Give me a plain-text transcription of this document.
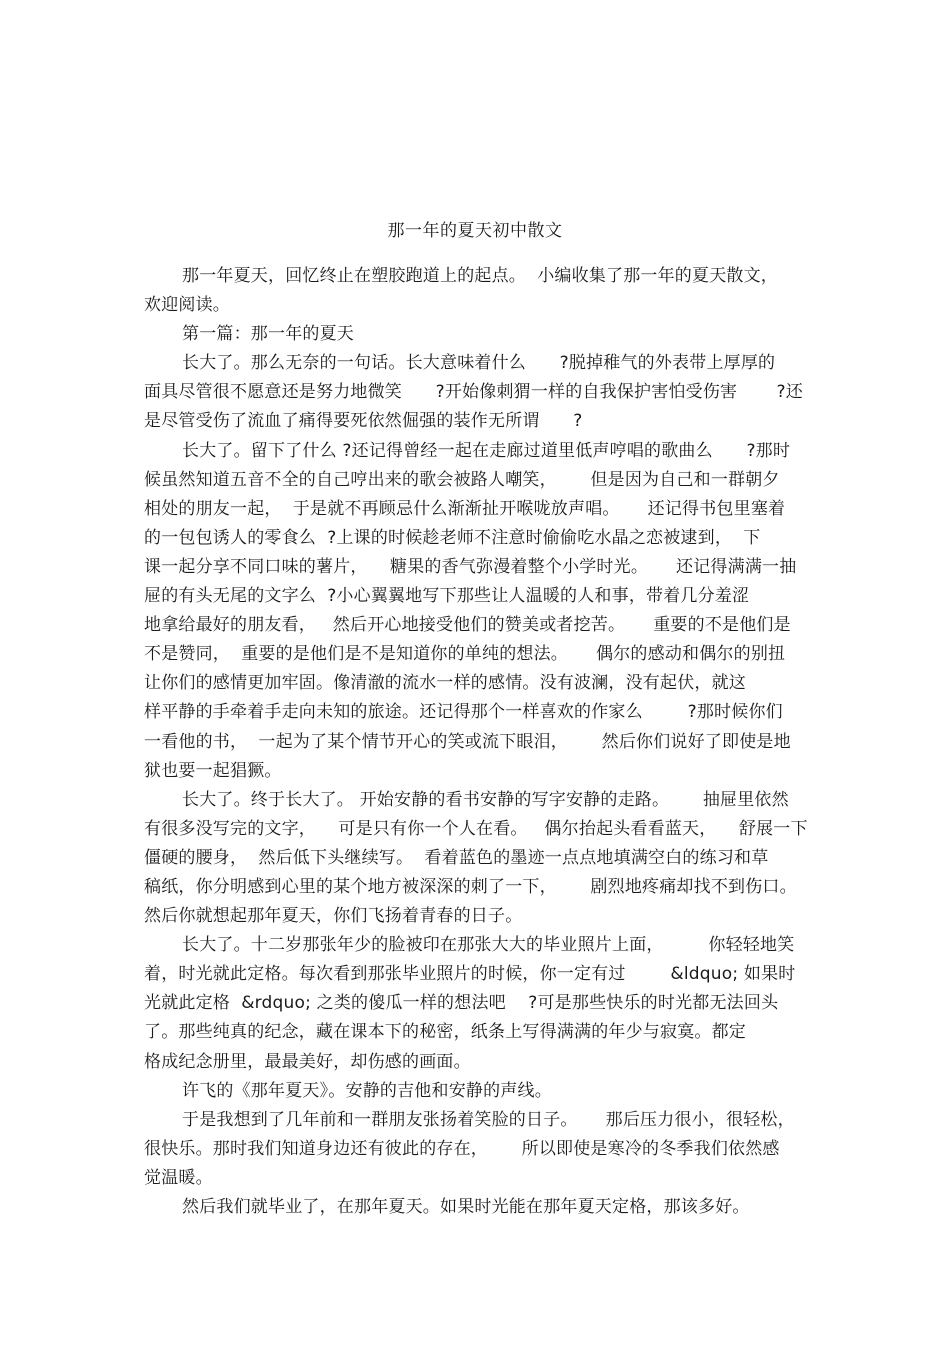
那一年的夏天初中散文
那一年夏天，回忆终止在塑胶跑道上的起点。  小编收集了那一年的夏天散文，
欢迎阅读。
第一篇：那一年的夏天
长大了。那么无奈的一句话。长大意味着什么      ?脱掉稚气的外表带上厚厚的
面具尽管很不愿意还是努力地微笑      ?开始像刺猬一样的自我保护害怕受伤害       ?还
是尽管受伤了流血了痛得要死依然倔强的装作无所谓      ?
长大了。留下了什么 ?还记得曾经一起在走廊过道里低声哼唱的歌曲么      ?那时
候虽然知道五音不全的自己哼出来的歌会被路人嘲笑，      但是因为自己和一群朝夕
相处的朋友一起，  于是就不再顾忌什么渐渐扯开喉咙放声唱。     还记得书包里塞着
的一包包诱人的零食么  ?上课的时候趁老师不注意时偷偷吃水晶之恋被逮到，  下
课一起分享不同口味的薯片，    糖果的香气弥漫着整个小学时光。     还记得满满一抽
屉的有头无尾的文字么  ?小心翼翼地写下那些让人温暖的人和事，带着几分羞涩
地拿给最好的朋友看，   然后开心地接受他们的赞美或者挖苦。     重要的不是他们是
不是赞同，  重要的是他们是不是知道你的单纯的想法。     偶尔的感动和偶尔的别扭
让你们的感情更加牢固。像清澈的流水一样的感情。没有波澜，没有起伏，就这
样平静的手牵着手走向未知的旅途。还记得那个一样喜欢的作家么        ?那时候你们
一看他的书，  一起为了某个情节开心的笑或流下眼泪，      然后你们说好了即使是地
狱也要一起猖獗。
长大了。终于长大了。 开始安静的看书安静的写字安静的走路。      抽屉里依然
有很多没写完的文字，    可是只有你一个人在看。   偶尔抬起头看看蓝天，    舒展一下
僵硬的腰身，  然后低下头继续写。  看着蓝色的墨迹一点点地填满空白的练习和草
稿纸，你分明感到心里的某个地方被深深的刺了一下，      剧烈地疼痛却找不到伤口。
然后你就想起那年夏天，你们飞扬着青春的日子。
长大了。十二岁那张年少的脸被印在那张大大的毕业照片上面，        你轻轻地笑
着，时光就此定格。每次看到那张毕业照片的时候，你一定有过        &ldquo; 如果时
光就此定格  &rdquo; 之类的傻瓜一样的想法吧    ?可是那些快乐的时光都无法回头
了。那些纯真的纪念，藏在课本下的秘密，纸条上写得满满的年少与寂寞。都定
格成纪念册里，最最美好，却伤感的画面。
许飞的《那年夏天》。安静的吉他和安静的声线。
于是我想到了几年前和一群朋友张扬着笑脸的日子。     那后压力很小，很轻松，
很快乐。那时我们知道身边还有彼此的存在，      所以即使是寒冷的冬季我们依然感
觉温暖。
然后我们就毕业了，在那年夏天。如果时光能在那年夏天定格，那该多好。
